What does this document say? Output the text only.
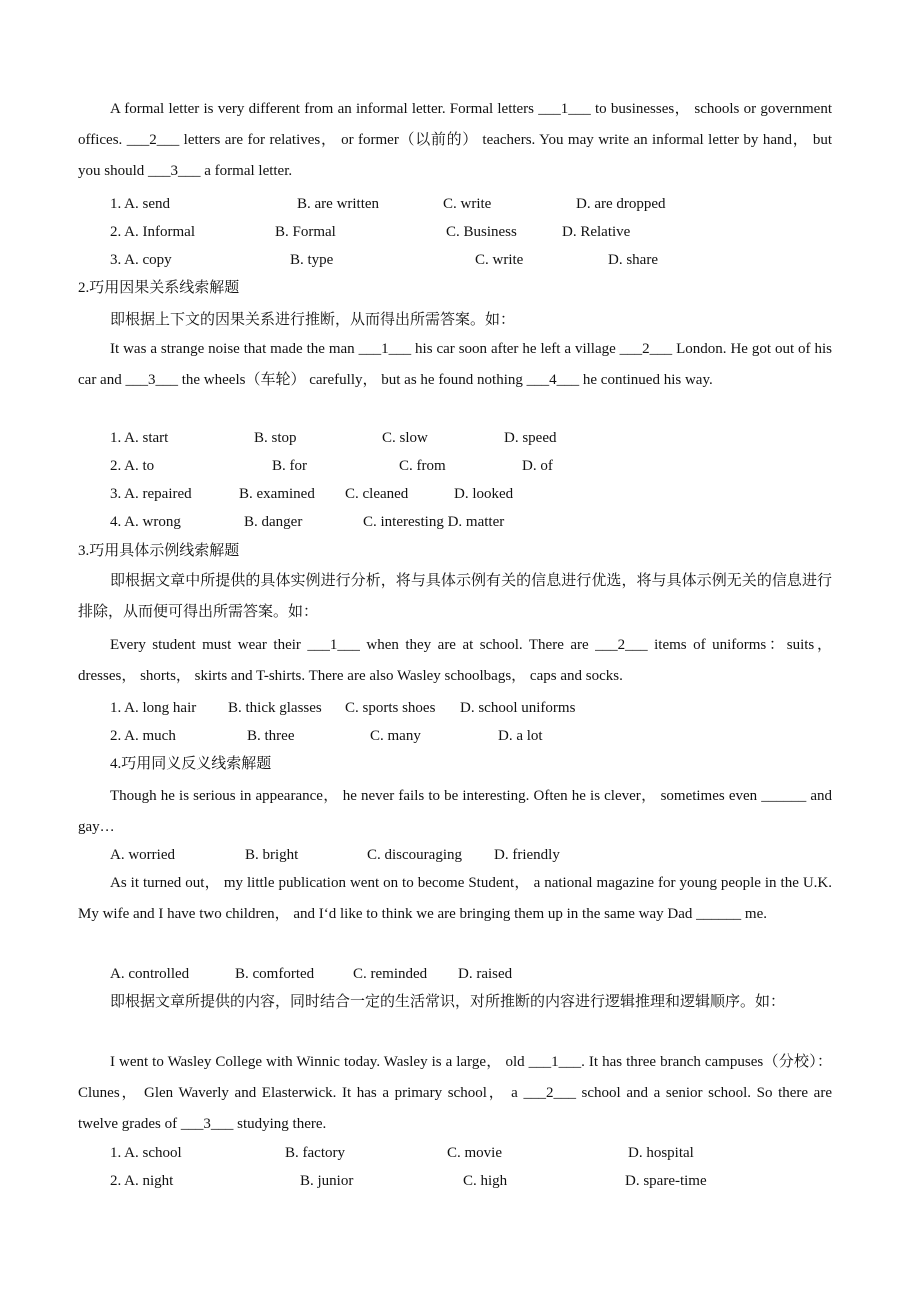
A formal letter is very different from an informal letter. Formal letters ___1___ to businesses， schools or government offices. ___2___ letters are for relatives， or former（以前的） teachers. You may write an informal letter by hand， but you should ___3___ a formal letter.

1. A. send	B. are written	C. write	D. are dropped
2. A. Informal	B. Formal	C. Business	D. Relative
3. A. copy	B. type	C. write	D. share
2.巧用因果关系线索解题
即根据上下文的因果关系进行推断，从而得出所需答案。如：

It was a strange noise that made the man ___1___ his car soon after he left a village ___2___ London. He got out of his car and ___3___ the wheels（车轮） carefully， but as he found nothing ___4___ he continued his way.

1. A. start	B. stop	C. slow	D. speed
2. A. to	B. for	C. from	D. of
3. A. repaired	B. examined C. cleaned	D. looked
4. A. wrong	B. danger	C. interesting D. matter
3.巧用具体示例线索解题

即根据文章中所提供的具体实例进行分析，将与具体示例有关的信息进行优选，将与具体示例无关的信息进行排除，从而便可得出所需答案。如：

Every student must wear their ___1___ when they are at school. There are ___2___ items of uniforms：suits， dresses， shorts， skirts and T-shirts. There are also Wasley schoolbags， caps and socks.

1. A. long hair B. thick glasses C. sports shoes D. school uniforms
2. A. much	B. three	C. many	D. a lot
4.巧用同义反义线索解题

Though he is serious in appearance， he never fails to be interesting. Often he is clever， sometimes even ______ and gay…

A. worried	B. bright	C. discouraging D. friendly

As it turned out， my little publication went on to become Student， a national magazine for young people in the U.K. My wife and I have two children， and I‘d like to think we are bringing them up in the same way Dad ______ me.

A. controlled	B. comforted	C. reminded D. raised
即根据文章所提供的内容，同时结合一定的生活常识，对所推断的内容进行逻辑推理和逻辑顺序。如：

I went to Wasley College with Winnic today. Wasley is a large， old ___1___. It has three branch campuses（分校）： Clunes， Glen Waverly and Elasterwick. It has a primary school， a ___2___ school and a senior school. So there are twelve grades of ___3___ studying there.

1. A. school	B. factory	C. movie	D. hospital
2. A. night	B. junior	C. high	D. spare-time
